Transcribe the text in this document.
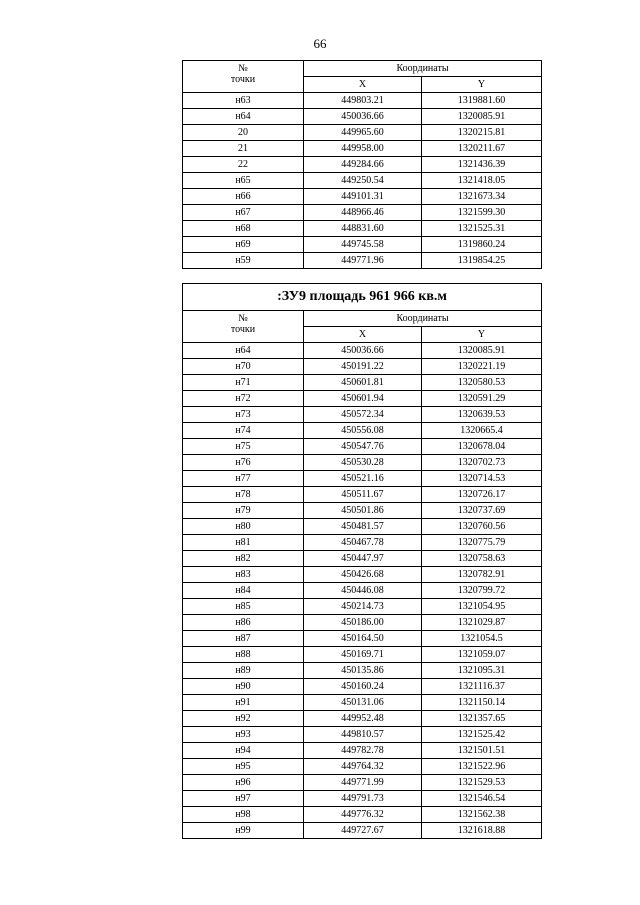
66
№
точки	Координаты	
	X	Y
н63	449803.21	1319881.60
н64	450036.66	1320085.91
20	449965.60	1320215.81
21	449958.00	1320211.67
22	449284.66	1321436.39
н65	449250.54	1321418.05
н66	449101.31	1321673.34
н67	448966.46	1321599.30
н68	448831.60	1321525.31
н69	449745.58	1319860.24
н59	449771.96	1319854.25
:ЗУ9 площадь 961 966 кв.м		
№
точки	Координаты	
	X	Y
н64	450036.66	1320085.91
н70	450191.22	1320221.19
н71	450601.81	1320580.53
н72	450601.94	1320591.29
н73	450572.34	1320639.53
н74	450556.08	1320665.4
н75	450547.76	1320678.04
н76	450530.28	1320702.73
н77	450521.16	1320714.53
н78	450511.67	1320726.17
н79	450501.86	1320737.69
н80	450481.57	1320760.56
н81	450467.78	1320775.79
н82	450447.97	1320758.63
н83	450426.68	1320782.91
н84	450446.08	1320799.72
н85	450214.73	1321054.95
н86	450186.00	1321029.87
н87	450164.50	1321054.5
н88	450169.71	1321059.07
н89	450135.86	1321095.31
н90	450160.24	1321116.37
н91	450131.06	1321150.14
н92	449952.48	1321357.65
н93	449810.57	1321525.42
н94	449782.78	1321501.51
н95	449764.32	1321522.96
н96	449771.99	1321529.53
н97	449791.73	1321546.54
н98	449776.32	1321562.38
н99	449727.67	1321618.88
